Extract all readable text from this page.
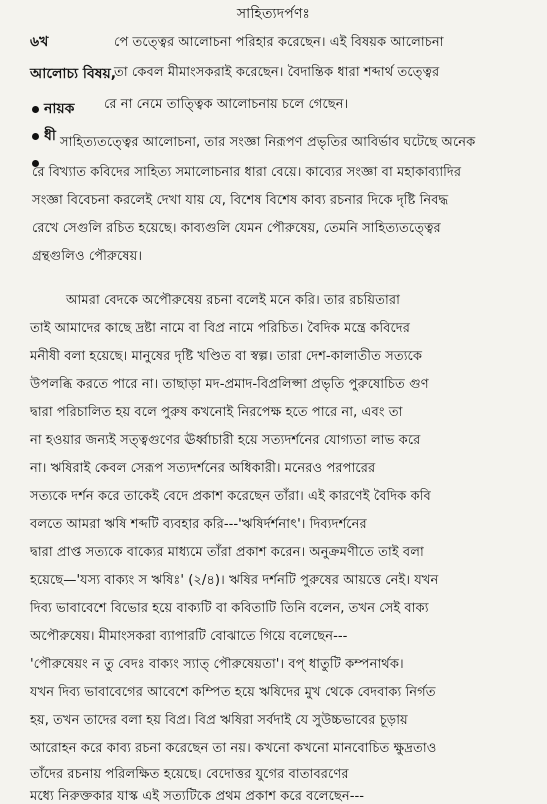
সাহিত্যদর্পণঃ
৬খ
আলোচ্য বিষয়,
নায়ক
ধী
পে তত্ত্বের আলোচনা পরিহার করেছেন। এই বিষয়ক আলোচনা
তা কেবল মীমাংসকরাই করেছেন। বৈদান্তিক ধারা শব্দার্থ তত্ত্বের
রে না নেমে তাত্ত্বিক আলোচনায় চলে গেছেন।
সাহিত্যতত্ত্বের আলোচনা, তার সংজ্ঞা নিরূপণ প্রভৃতির আবির্ভাব ঘটেছে অনেক
রে বিখ্যাত কবিদের সাহিত্য সমালোচনার ধারা বেয়ে। কাব্যের সংজ্ঞা বা মহাকাব্যাদির
সংজ্ঞা বিবেচনা করলেই দেখা যায় যে, বিশেষ বিশেষ কাব্য রচনার দিকে দৃষ্টি নিবদ্ধ
রেখে সেগুলি রচিত হয়েছে। কাব্যগুলি যেমন পৌরুষেয়, তেমনি সাহিত্যতত্ত্বের
গ্রন্থগুলিও পৌরুষেয়।
আমরা বেদকে অপৌরুষেয় রচনা বলেই মনে করি। তার রচয়িতারা
তাই আমাদের কাছে দ্রষ্টা নামে বা বিপ্র নামে পরিচিত। বৈদিক মন্ত্রে কবিদের
মনীষী বলা হয়েছে। মানুষের দৃষ্টি খণ্ডিত বা স্বল্প। তারা দেশ-কালাতীত সত্যকে
উপলব্ধি করতে পারে না। তাছাড়া মদ-প্রমাদ-বিপ্রলিপ্সা প্রভৃতি পুরুষোচিত গুণ
দ্বারা পরিচালিত হয় বলে পুরুষ কখনোই নিরপেক্ষ হতে পারে না, এবং তা
না হওয়ার জন্যই সত্ত্বগুণের ঊর্ধ্বাচারী হয়ে সত্যদর্শনের যোগ্যতা লাভ করে
না। ঋষিরাই কেবল সেরূপ সত্যদর্শনের অধিকারী। মনেরও পরপারের
সত্যকে দর্শন করে তাকেই বেদে প্রকাশ করেছেন তাঁরা। এই কারণেই বৈদিক কবি
বলতে আমরা ঋষি শব্দটি ব্যবহার করি---'ঋষির্দর্শনাৎ'। দিব্যদর্শনের
দ্বারা প্রাপ্ত সত্যকে বাক্যের মাধ্যমে তাঁরা প্রকাশ করেন। অনুক্রমণীতে তাই বলা
হয়েছে—'যস্য বাক্যং স ঋষিঃ' (২/৪)। ঋষির দর্শনটি পুরুষের আয়ত্তে নেই। যখন
দিব্য ভাবাবেশে বিভোর হয়ে বাক্যটি বা কবিতাটি তিনি বলেন, তখন সেই বাক্য
অপৌরুষেয়। মীমাংসকরা ব্যাপারটি বোঝাতে গিয়ে বলেছেন---
'পৌরুষেয়ং ন তু বেদঃ বাক্যং স্যাত্ পৌরুষেয়তা'। বপ্ ধাতুটি কম্পনার্থক।
যখন দিব্য ভাবাবেগের আবেশে কম্পিত হয়ে ঋষিদের মুখ থেকে বেদবাক্য নির্গত
হয়, তখন তাদের বলা হয় বিপ্র। বিপ্র ঋষিরা সর্বদাই যে সুউচ্চভাবের চূড়ায়
আরোহন করে কাব্য রচনা করেছেন তা নয়। কখনো কখনো মানবোচিত ক্ষুদ্রতাও
তাঁদের রচনায় পরিলক্ষিত হয়েছে। বেদোত্তর যুগের বাতাবরণের
মধ্যে নিরুক্তকার যাস্ক এই সত্যটিকে প্রথম প্রকাশ করে বলেছেন---
